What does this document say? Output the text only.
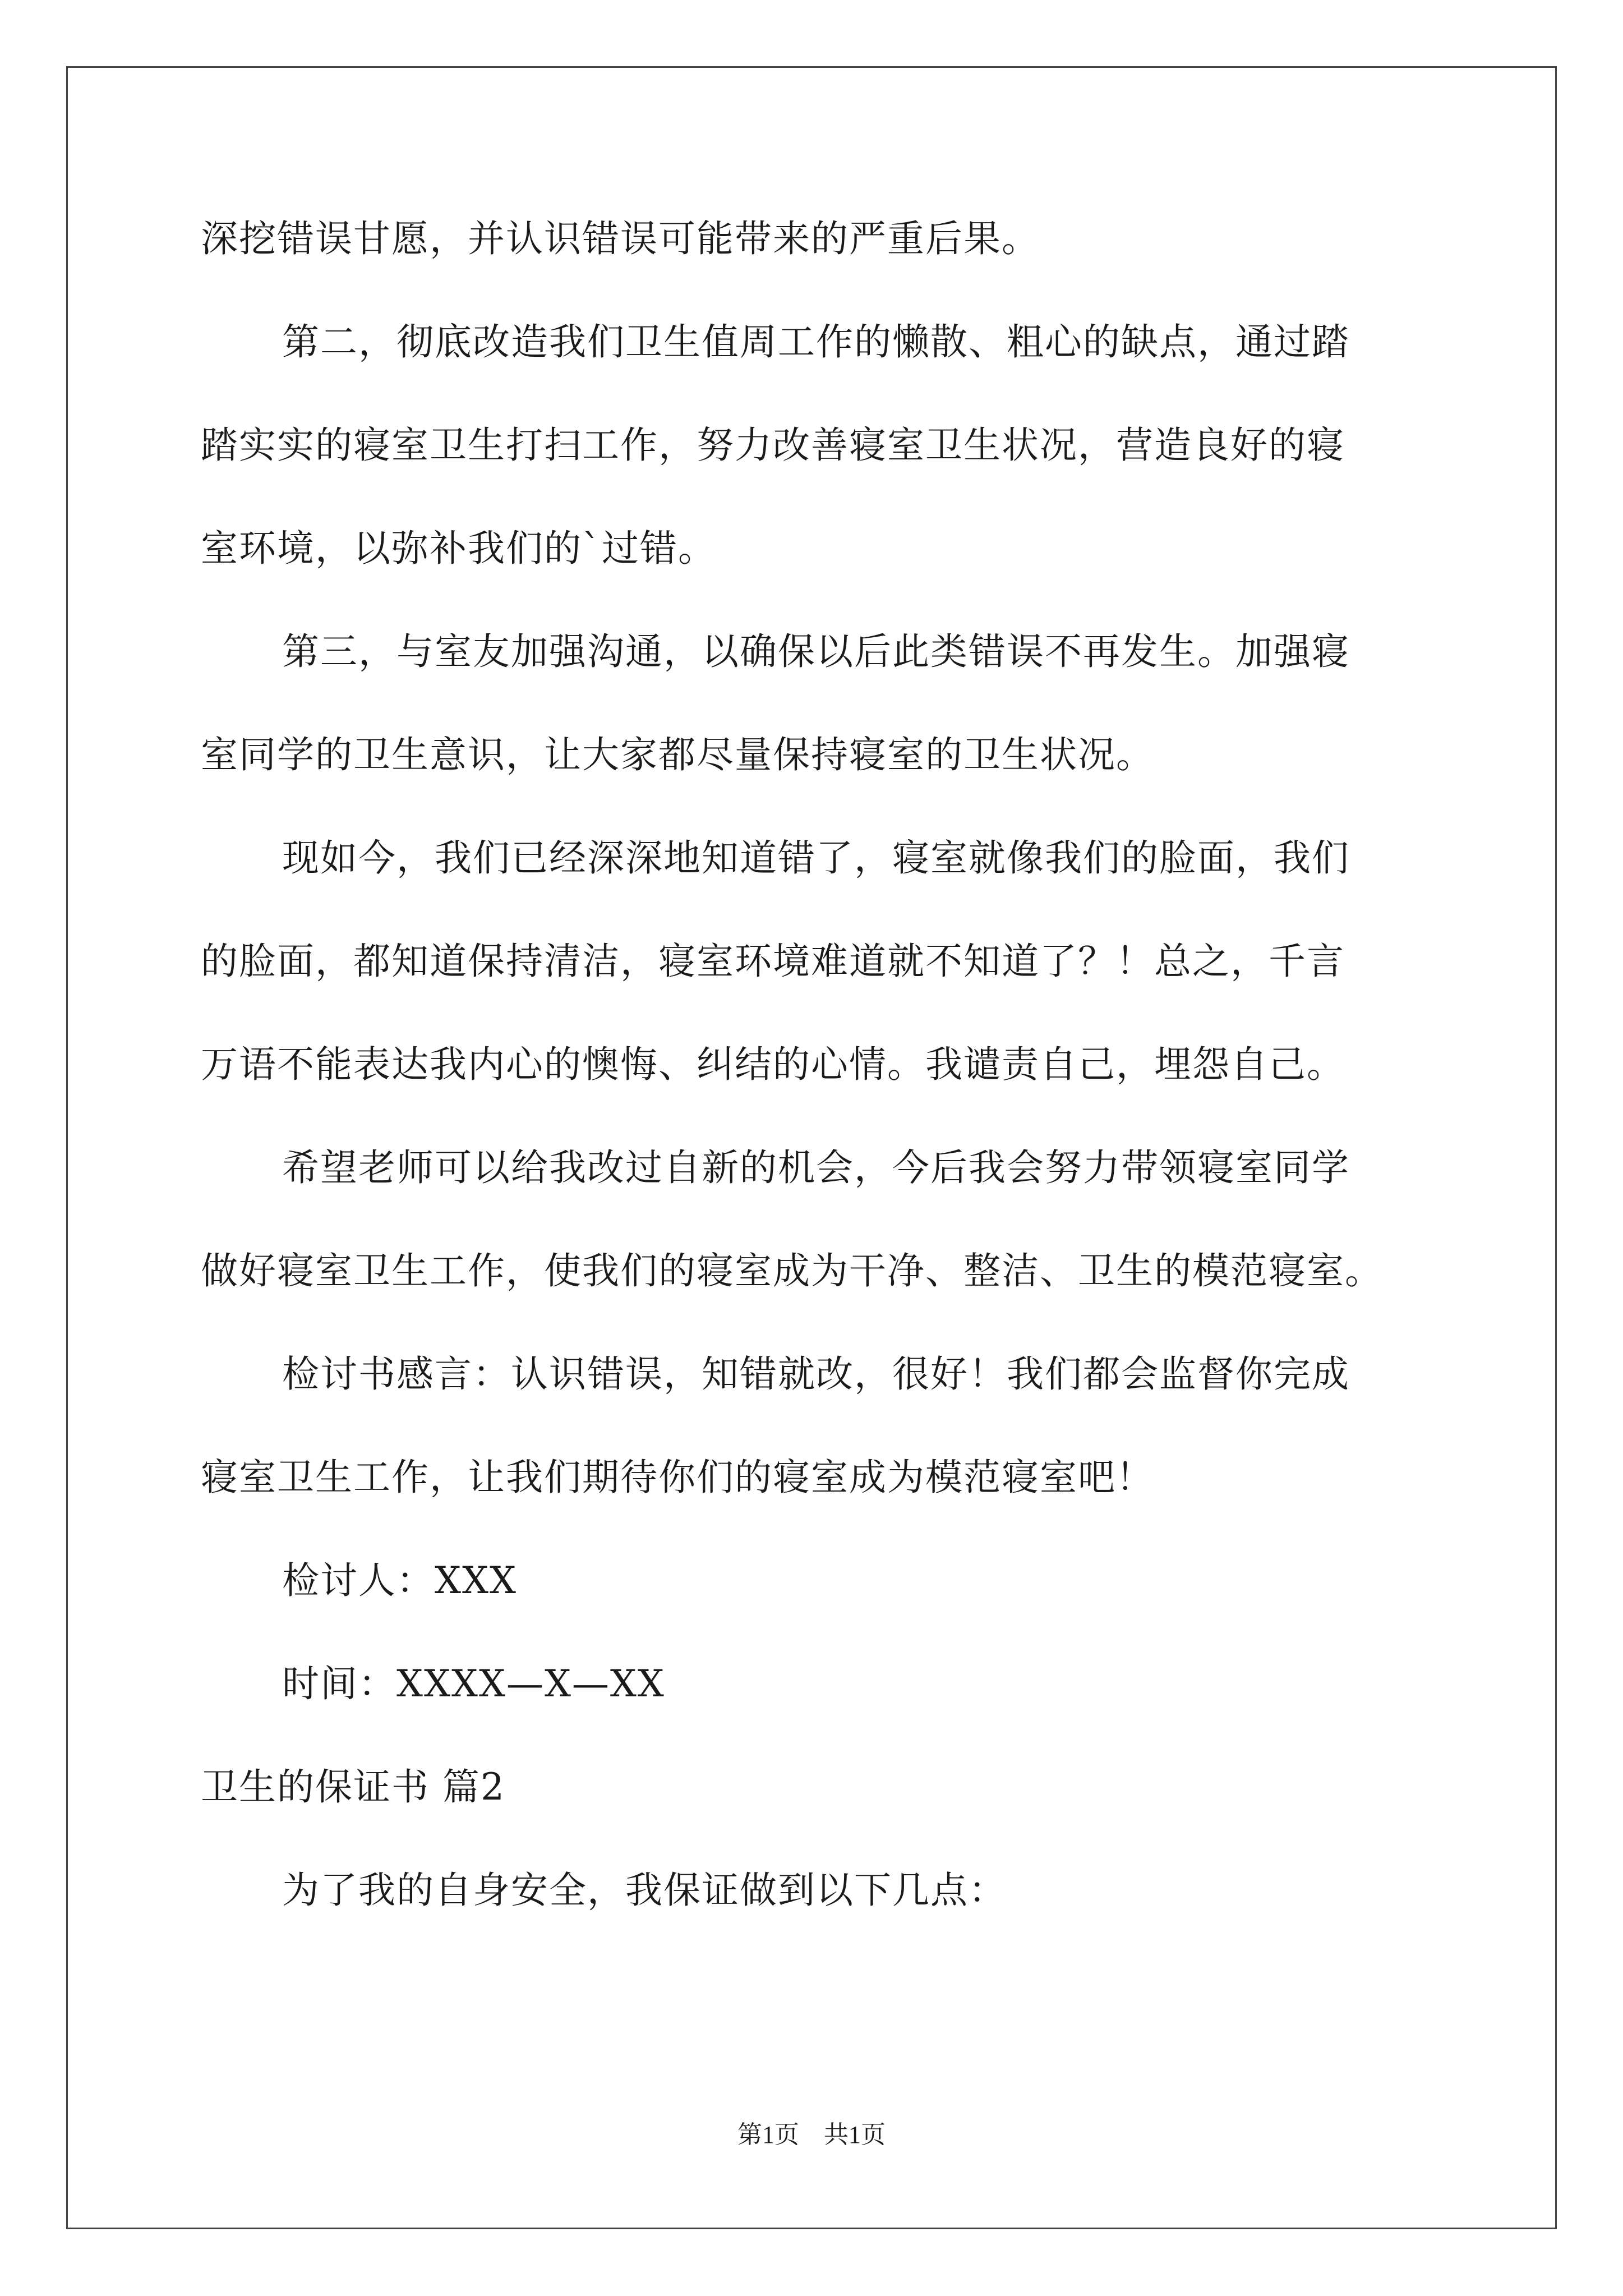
深挖错误甘愿，并认识错误可能带来的严重后果。
第二，彻底改造我们卫生值周工作的懒散、粗心的缺点，通过踏
踏实实的寝室卫生打扫工作，努力改善寝室卫生状况，营造良好的寝
室环境，以弥补我们的`过错。
第三，与室友加强沟通，以确保以后此类错误不再发生。加强寝
室同学的卫生意识，让大家都尽量保持寝室的卫生状况。
现如今，我们已经深深地知道错了，寝室就像我们的脸面，我们
的脸面，都知道保持清洁，寝室环境难道就不知道了？！总之，千言
万语不能表达我内心的懊悔、纠结的心情。我谴责自己，埋怨自己。
希望老师可以给我改过自新的机会，今后我会努力带领寝室同学
做好寝室卫生工作，使我们的寝室成为干净、整洁、卫生的模范寝室。
检讨书感言：认识错误，知错就改，很好！我们都会监督你完成
寝室卫生工作，让我们期待你们的寝室成为模范寝室吧！
检讨人：XXX
时间：XXXX—X—XX
卫生的保证书 篇2
为了我的自身安全，我保证做到以下几点：
第1页　共1页
